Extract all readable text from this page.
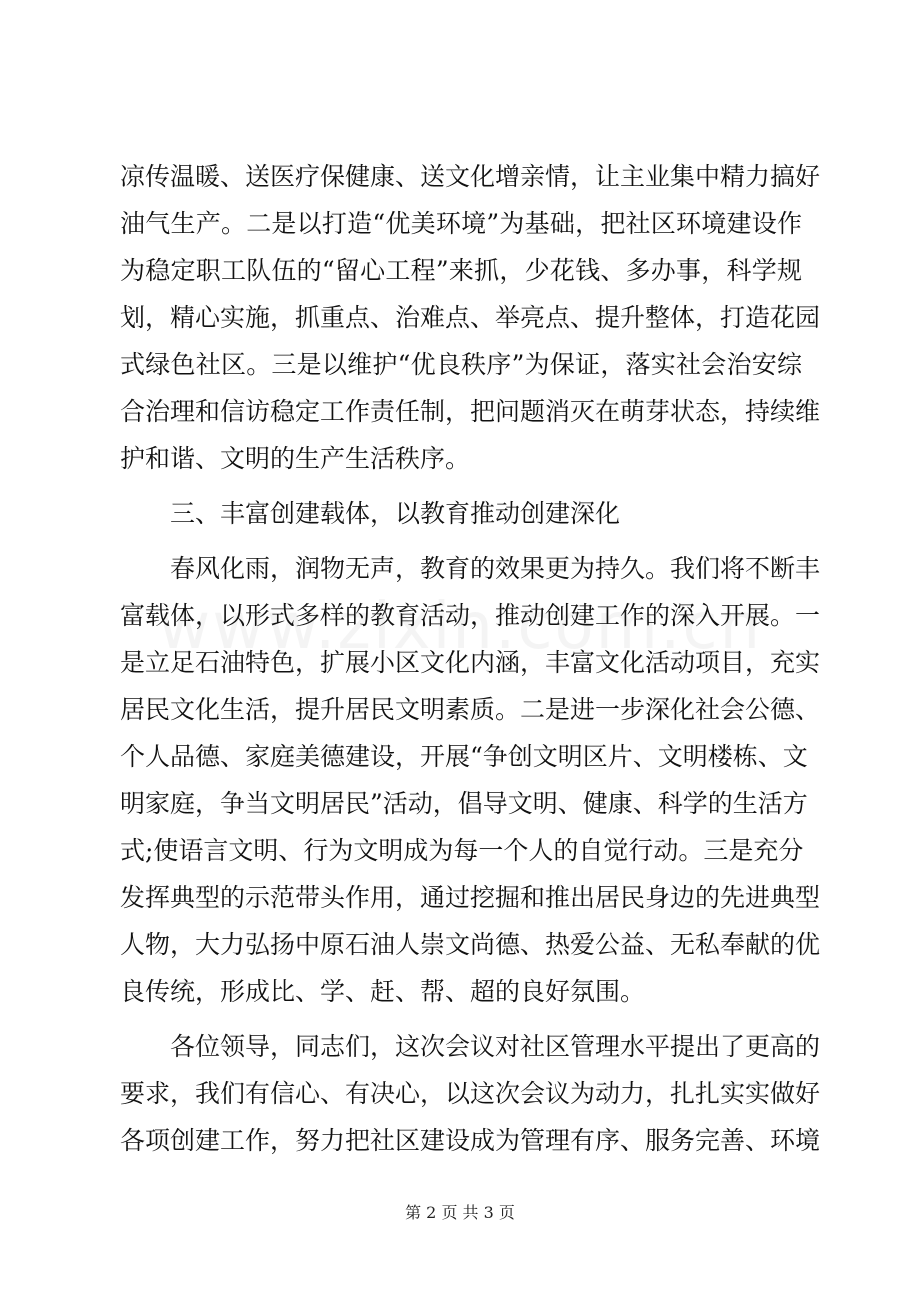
凉传温暖、送医疗保健康、送文化增亲情，让主业集中精力搞好
油气生产。二是以打造“优美环境”为基础，把社区环境建设作
为稳定职工队伍的“留心工程”来抓，少花钱、多办事，科学规
划，精心实施，抓重点、治难点、举亮点、提升整体，打造花园
式绿色社区。三是以维护“优良秩序”为保证，落实社会治安综
合治理和信访稳定工作责任制，把问题消灭在萌芽状态，持续维
护和谐、文明的生产生活秩序。
　　三、丰富创建载体，以教育推动创建深化
　　春风化雨，润物无声，教育的效果更为持久。我们将不断丰
富载体，以形式多样的教育活动，推动创建工作的深入开展。一
是立足石油特色，扩展小区文化内涵，丰富文化活动项目，充实
居民文化生活，提升居民文明素质。二是进一步深化社会公德、
个人品德、家庭美德建设，开展“争创文明区片、文明楼栋、文
明家庭，争当文明居民”活动，倡导文明、健康、科学的生活方
式;使语言文明、行为文明成为每一个人的自觉行动。三是充分
发挥典型的示范带头作用，通过挖掘和推出居民身边的先进典型
人物，大力弘扬中原石油人崇文尚德、热爱公益、无私奉献的优
良传统，形成比、学、赶、帮、超的良好氛围。
　　各位领导，同志们，这次会议对社区管理水平提出了更高的
要求，我们有信心、有决心，以这次会议为动力，扎扎实实做好
各项创建工作，努力把社区建设成为管理有序、服务完善、环境
第 2 页 共 3 页
